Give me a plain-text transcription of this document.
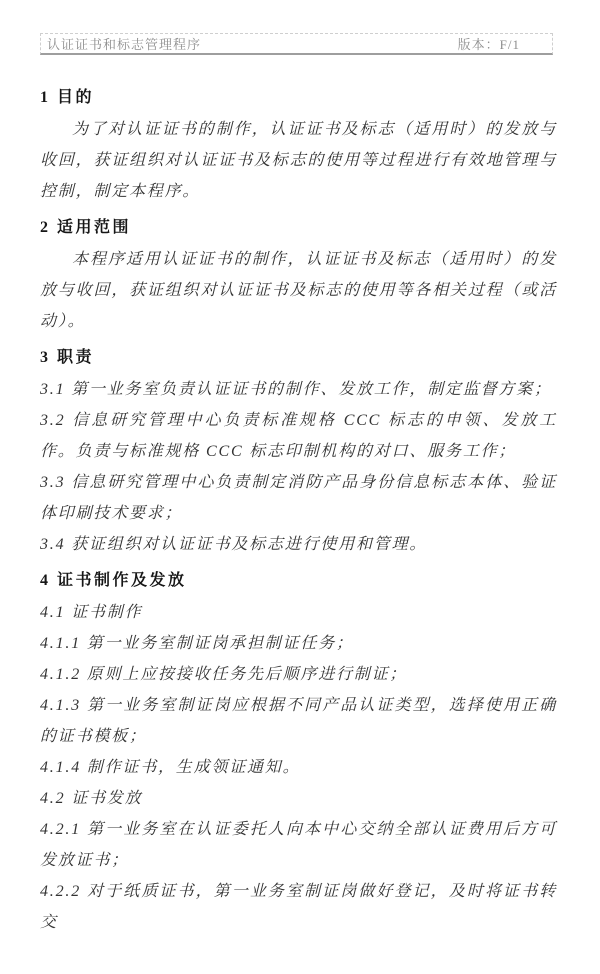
认证证书和标志管理程序	版本：F/1
1 目的
为了对认证证书的制作，认证证书及标志（适用时）的发放与收回，获证组织对认证证书及标志的使用等过程进行有效地管理与控制，制定本程序。
2 适用范围
本程序适用认证证书的制作，认证证书及标志（适用时）的发放与收回，获证组织对认证证书及标志的使用等各相关过程（或活动）。
3 职责
3.1 第一业务室负责认证证书的制作、发放工作，制定监督方案；
3.2 信息研究管理中心负责标准规格 CCC 标志的申领、发放工作。负责与标准规格 CCC 标志印制机构的对口、服务工作；
3.3 信息研究管理中心负责制定消防产品身份信息标志本体、验证体印刷技术要求；
3.4 获证组织对认证证书及标志进行使用和管理。
4 证书制作及发放
4.1 证书制作
4.1.1 第一业务室制证岗承担制证任务；
4.1.2 原则上应按接收任务先后顺序进行制证；
4.1.3 第一业务室制证岗应根据不同产品认证类型，选择使用正确的证书模板；
4.1.4 制作证书，生成领证通知。
4.2 证书发放
4.2.1 第一业务室在认证委托人向本中心交纳全部认证费用后方可发放证书；
4.2.2 对于纸质证书，第一业务室制证岗做好登记，及时将证书转交
